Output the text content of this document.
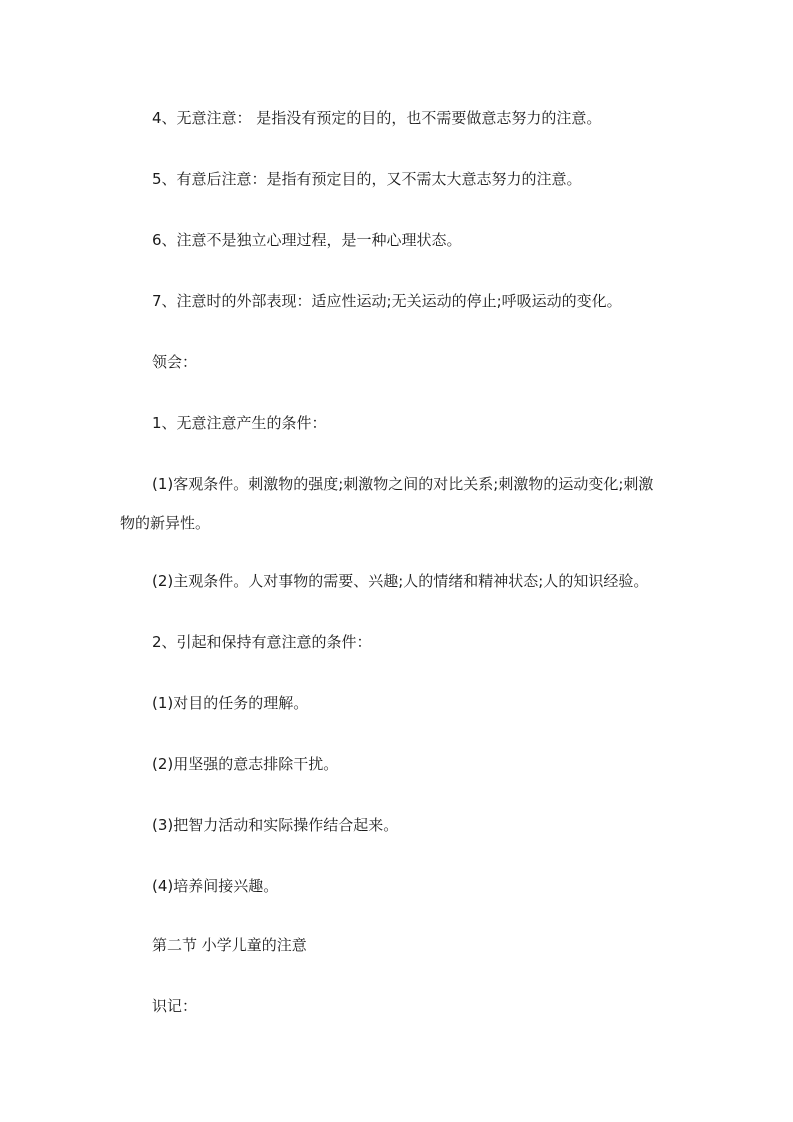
4、无意注意： 是指没有预定的目的，也不需要做意志努力的注意。
5、有意后注意：是指有预定目的，又不需太大意志努力的注意。
6、注意不是独立心理过程，是一种心理状态。
7、注意时的外部表现：适应性运动;无关运动的停止;呼吸运动的变化。
领会：
1、无意注意产生的条件：
(1)客观条件。刺激物的强度;刺激物之间的对比关系;刺激物的运动变化;刺激
物的新异性。
(2)主观条件。人对事物的需要、兴趣;人的情绪和精神状态;人的知识经验。
2、引起和保持有意注意的条件：
(1)对目的任务的理解。
(2)用坚强的意志排除干扰。
(3)把智力活动和实际操作结合起来。
(4)培养间接兴趣。
第二节 小学儿童的注意
识记：
